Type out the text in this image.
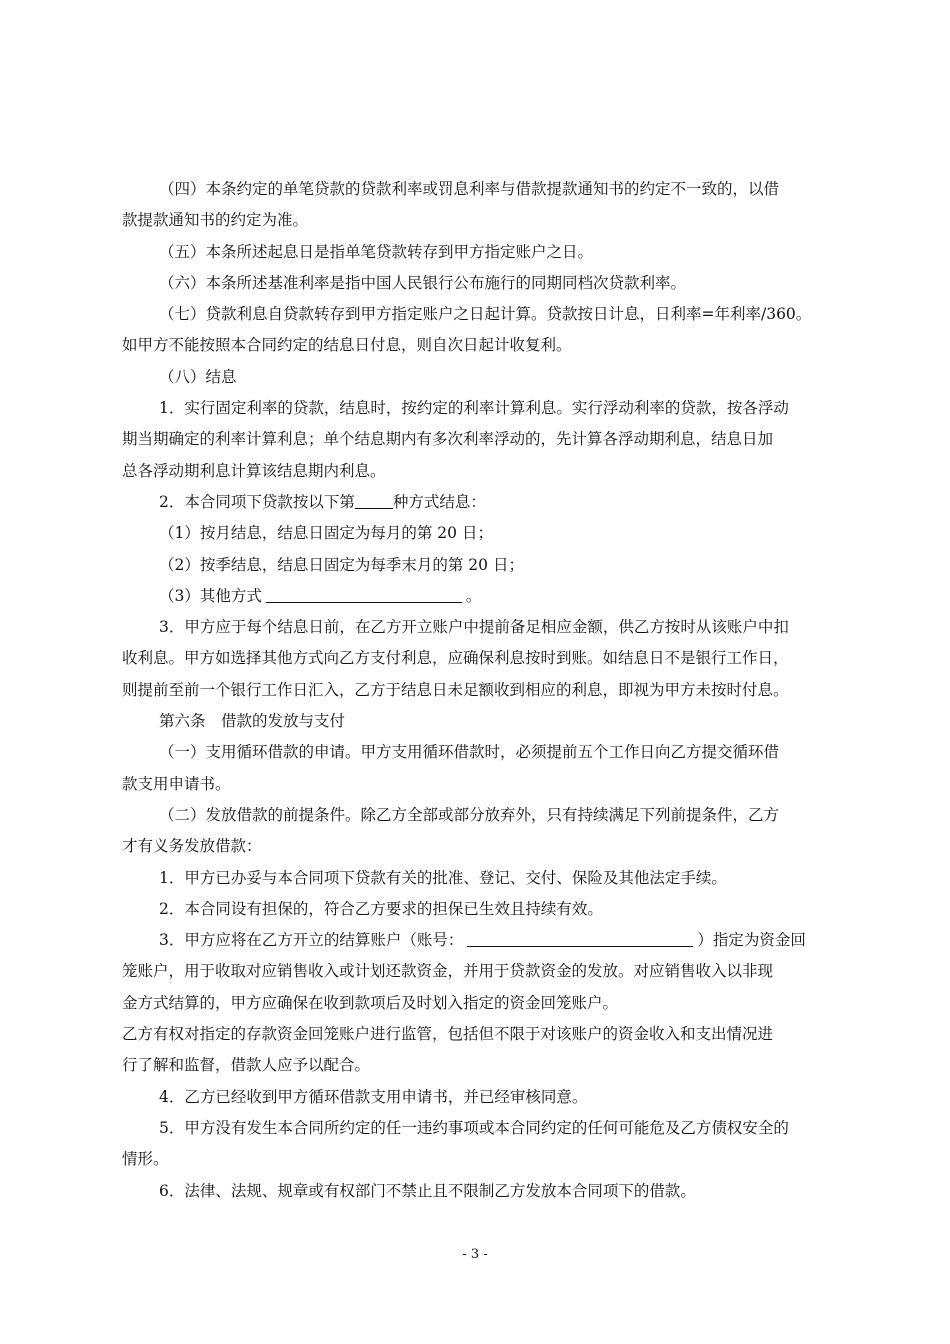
（四）本条约定的单笔贷款的贷款利率或罚息利率与借款提款通知书的约定不一致的，以借

款提款通知书的约定为准。

（五）本条所述起息日是指单笔贷款转存到甲方指定账户之日。

（六）本条所述基准利率是指中国人民银行公布施行的同期同档次贷款利率。

（七）贷款利息自贷款转存到甲方指定账户之日起计算。贷款按日计息，日利率=年利率/360。

如甲方不能按照本合同约定的结息日付息，则自次日起计收复利。

（八）结息

1．实行固定利率的贷款，结息时，按约定的利率计算利息。实行浮动利率的贷款，按各浮动

期当期确定的利率计算利息；单个结息期内有多次利率浮动的，先计算各浮动期利息，结息日加

总各浮动期利息计算该结息期内利息。

2．本合同项下贷款按以下第 种方式结息：

（1）按月结息，结息日固定为每月的第 20 日；

（2）按季结息，结息日固定为每季末月的第 20 日；

（3）其他方式	。

3．甲方应于每个结息日前，在乙方开立账户中提前备足相应金额，供乙方按时从该账户中扣

收利息。甲方如选择其他方式向乙方支付利息，应确保利息按时到账。如结息日不是银行工作日，

则提前至前一个银行工作日汇入，乙方于结息日未足额收到相应的利息，即视为甲方未按时付息。

第六条　借款的发放与支付

（一）支用循环借款的申请。甲方支用循环借款时，必须提前五个工作日向乙方提交循环借

款支用申请书。

（二）发放借款的前提条件。除乙方全部或部分放弃外，只有持续满足下列前提条件，乙方

才有义务发放借款：

1．甲方已办妥与本合同项下贷款有关的批准、登记、交付、保险及其他法定手续。

2．本合同设有担保的，符合乙方要求的担保已生效且持续有效。

3．甲方应将在乙方开立的结算账户（账号：	）指定为资金回

笼账户，用于收取对应销售收入或计划还款资金，并用于贷款资金的发放。对应销售收入以非现

金方式结算的，甲方应确保在收到款项后及时划入指定的资金回笼账户。

乙方有权对指定的存款资金回笼账户进行监管，包括但不限于对该账户的资金收入和支出情况进

行了解和监督，借款人应予以配合。

4．乙方已经收到甲方循环借款支用申请书，并已经审核同意。

5．甲方没有发生本合同所约定的任一违约事项或本合同约定的任何可能危及乙方债权安全的

情形。

6．法律、法规、规章或有权部门不禁止且不限制乙方发放本合同项下的借款。

- 3 -
